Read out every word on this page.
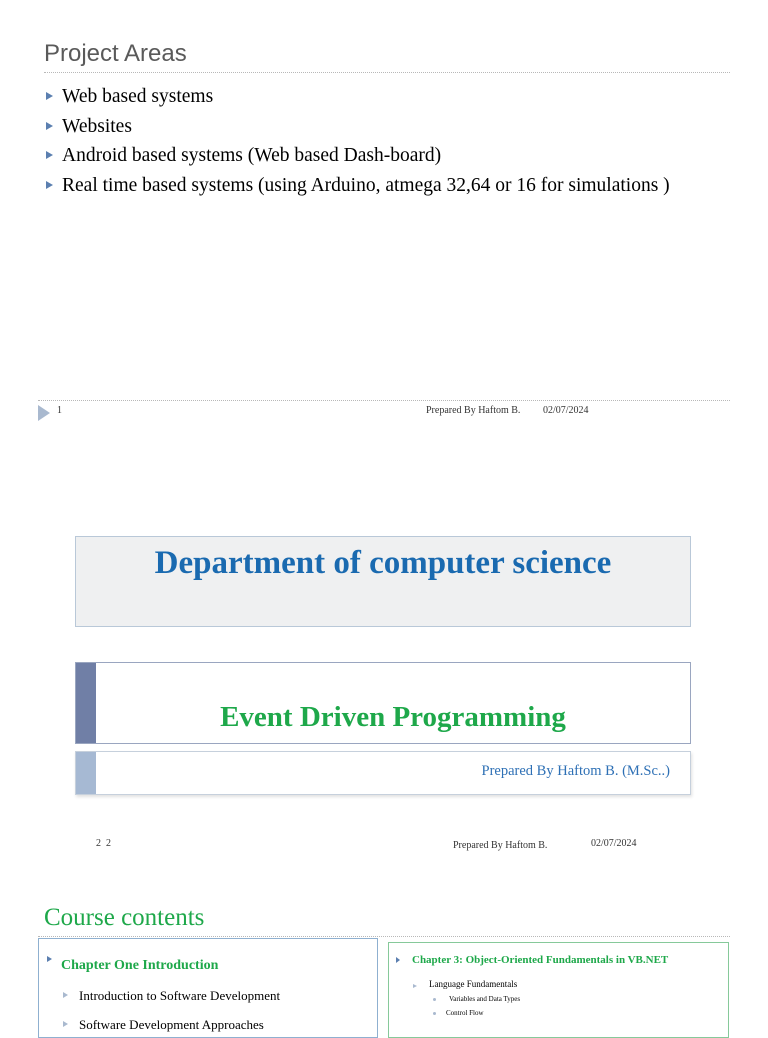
Project Areas
Web based systems
Websites
Android based systems (Web based Dash-board)
Real time based systems (using Arduino, atmega 32,64 or 16 for simulations )
1	Prepared By Haftom B. 02/07/2024
Department of computer science
Event Driven Programming
Prepared By Haftom B. (M.Sc..)
2  2	Prepared By Haftom B.	02/07/2024
Course contents
Chapter One Introduction
Introduction to Software Development
Software Development Approaches
Chapter 3: Object-Oriented Fundamentals in VB.NET
Language Fundamentals
Variables and Data Types
Control Flow
